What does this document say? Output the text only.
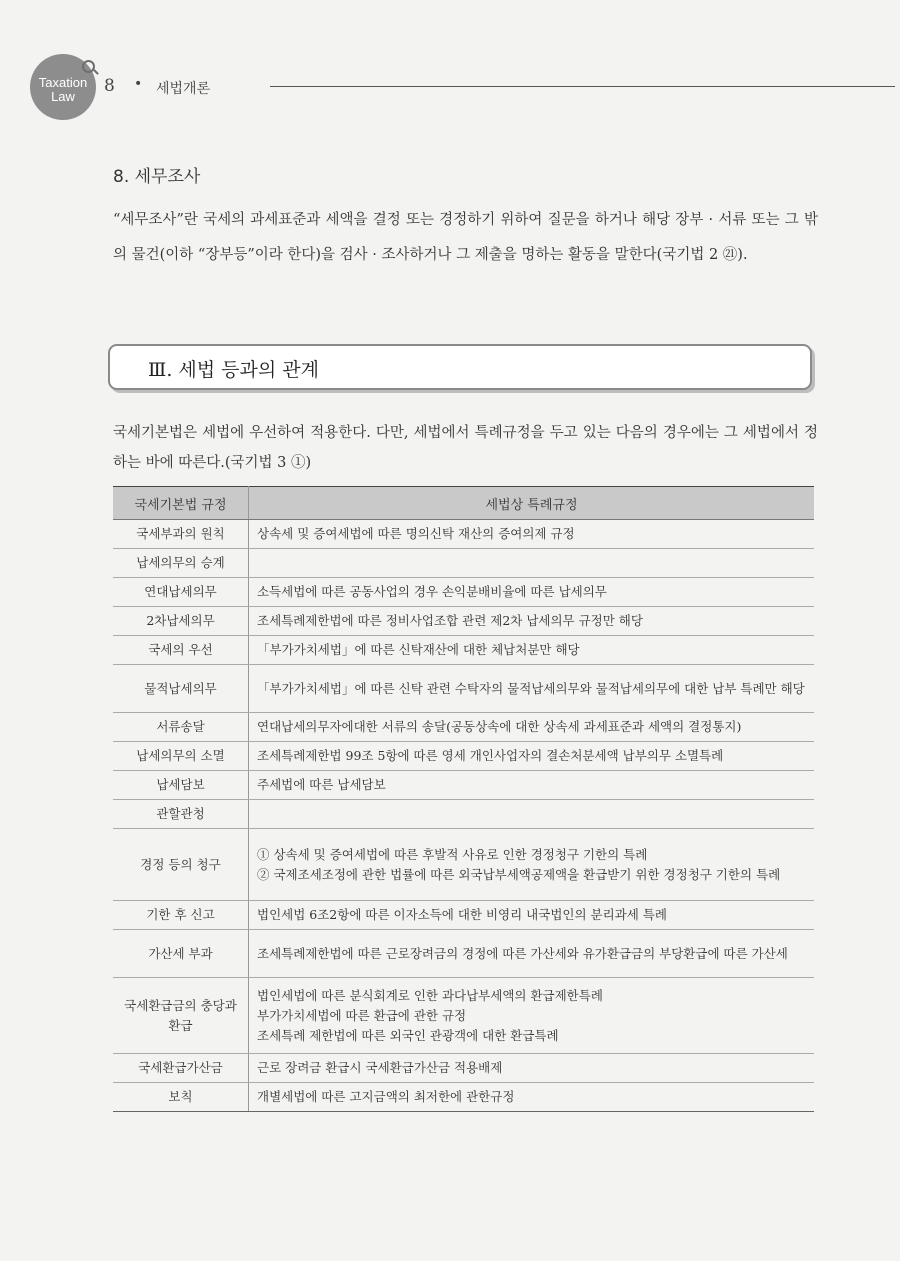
Taxation
Law
8 • 세법개론
8. 세무조사
“세무조사”란 국세의 과세표준과 세액을 결정 또는 경정하기 위하여 질문을 하거나 해당 장부 · 서류 또는 그 밖의 물건(이하 “장부등”이라 한다)을 검사 · 조사하거나 그 제출을 명하는 활동을 말한다(국기법 2 ㉑).
Ⅲ. 세법 등과의 관계
국세기본법은 세법에 우선하여 적용한다. 다만, 세법에서 특례규정을 두고 있는 다음의 경우에는 그 세법에서 정하는 바에 따른다.(국기법 3 ①)
국세기본법 규정	세법상 특례규정
국세부과의 원칙	상속세 및 증여세법에 따른 명의신탁 재산의 증여의제 규정

납세의무의 승계	

연대납세의무	소득세법에 따른 공동사업의 경우 손익분배비율에 따른 납세의무

2차납세의무	조세특례제한법에 따른 정비사업조합 관련 제2차 납세의무 규정만 해당

국세의 우선	「부가가치세법」에 따른 신탁재산에 대한 체납처분만 해당

물적납세의무	「부가가치세법」에 따른 신탁 관련 수탁자의 물적납세의무와 물적납세의무에 대한 납부 특례만 해당

서류송달	연대납세의무자에대한 서류의 송달(공동상속에 대한 상속세 과세표준과 세액의 결정통지)

납세의무의 소멸	조세특례제한법 99조 5항에 따른 영세 개인사업자의 결손처분세액 납부의무 소멸특례

납세담보	주세법에 따른 납세담보

관할관청	

경정 등의 청구	① 상속세 및 증여세법에 따른 후발적 사유로 인한 경정청구 기한의 특례
② 국제조세조정에 관한 법률에 따른 외국납부세액공제액을 환급받기 위한 경정청구 기한의 특례

기한 후 신고	법인세법 6조2항에 따른 이자소득에 대한 비영리 내국법인의 분리과세 특례

가산세 부과	조세특례제한법에 따른 근로장려금의 경정에 따른 가산세와 유가환급금의 부당환급에 따른 가산세

국세환급금의 충당과 환급	법인세법에 따른 분식회계로 인한 과다납부세액의 환급제한특례
부가가치세법에 따른 환급에 관한 규정
조세특례 제한법에 따른 외국인 관광객에 대한 환급특례

국세환급가산금	근로 장려금 환급시 국세환급가산금 적용배제

보칙	개별세법에 따른 고지금액의 최저한에 관한규정
